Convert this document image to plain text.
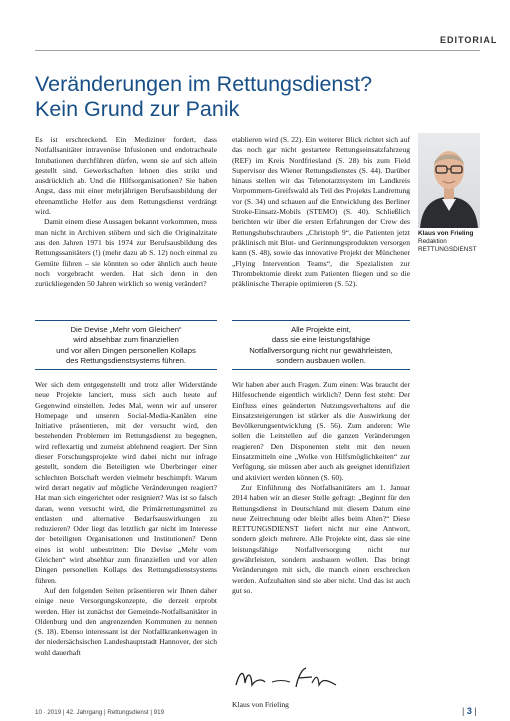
EDITORIAL
Veränderungen im Rettungsdienst?
Kein Grund zur Panik

Es ist erschreckend. Ein Mediziner fordert, dass Notfallsanitäter intravenöse Infusionen und endotracheale Intubationen durchführen dürfen, wenn sie auf sich allein gestellt sind. Gewerkschaften lehnen dies strikt und ausdrücklich ab. Und die Hilfsorganisationen? Sie haben Angst, dass mit einer mehrjährigen Berufsausbildung der ehrenamtliche Helfer aus dem Rettungsdienst verdrängt wird.

Damit einem diese Aussagen bekannt vorkommen, muss man nicht in Archiven stöbern und sich die Originalzitate aus den Jahren 1971 bis 1974 zur Berufsausbildung des Rettungssanitäters (!) (mehr dazu ab S. 12) noch einmal zu Gemüte führen – sie könnten so oder ähnlich auch heute noch vorgebracht werden. Hat sich denn in den zurückliegenden 50 Jahren wirklich so wenig verändert?

etablieren wird (S. 22). Ein weiterer Blick richtet sich auf das noch gar nicht gestartete Rettungseinsatzfahrzeug (REF) im Kreis Nordfriesland (S. 28) bis zum Field Supervisor des Wiener Rettungsdienstes (S. 44). Darüber hinaus stellen wir das Telenotarztsystem im Landkreis Vorpommern-Greifswald als Teil des Projekts Landrettung vor (S. 34) und schauen auf die Entwicklung des Berliner Stroke-Einsatz-Mobils (STEMO) (S. 40). Schließlich berichten wir über die ersten Erfahrungen der Crew des Rettungshubschraubers „Christoph 9“, die Patienten jetzt präklinisch mit Blut- und Gerinnungsprodukten versorgen kann (S. 48), sowie das innovative Projekt der Münchener „Flying Intervention Teams“, die Spezialisten zur Thrombektomie direkt zum Patienten fliegen und so die präklinische Therapie optimieren (S. 52).

Klaus von Frieling
Redaktion
RETTUNGSDIENST
Die Devise „Mehr vom Gleichen“
wird absehbar zum finanziellen
und vor allen Dingen personellen Kollaps
des Rettungsdienstsystems führen.
Alle Projekte eint,
dass sie eine leistungsfähige
Notfallversorgung nicht nur gewährleisten,
sondern ausbauen wollen.

Wer sich dem entgegenstellt und trotz aller Widerstände neue Projekte lanciert, muss sich auch heute auf Gegenwind einstellen. Jedes Mal, wenn wir auf unserer Homepage und unseren Social-Media-Kanälen eine Initiative präsentieren, mit der versucht wird, den bestehenden Problemen im Rettungsdienst zu begegnen, wird reflexartig und zumeist ablehnend reagiert. Der Sinn dieser Forschungsprojekte wird dabei nicht nur infrage gestellt, sondern die Beteiligten wie Überbringer einer schlechten Botschaft werden vielmehr beschimpft. Warum wird derart negativ auf mögliche Veränderungen reagiert? Hat man sich eingerichtet oder resigniert? Was ist so falsch daran, wenn versucht wird, die Primärrettungsmittel zu entlasten und alternative Bedarfsauswirkungen zu reduzieren? Oder liegt das letztlich gar nicht im Interesse der beteiligten Organisationen und Institutionen? Denn eines ist wohl unbestritten: Die Devise „Mehr vom Gleichen“ wird absehbar zum finanziellen und vor allen Dingen personellen Kollaps des Rettungsdienstsystems führen.

Auf den folgenden Seiten präsentieren wir Ihnen daher einige neue Versorgungskonzepte, die derzeit erprobt werden. Hier ist zunächst der Gemeinde-Notfallsanitäter in Oldenburg und den angrenzenden Kommunen zu nennen (S. 18). Ebenso interessant ist der Notfallkrankenwagen in der niedersächsischen Landeshauptstadt Hannover, der sich wohl dauerhaft

Wir haben aber auch Fragen. Zum einen: Was braucht der Hilfesuchende eigentlich wirklich? Denn fest steht: Der Einfluss eines geänderten Nutzungsverhaltens auf die Einsatzsteigerungen ist stärker als die Auswirkung der Bevölkerungsentwicklung (S. 56). Zum anderen: Wie sollen die Leitstellen auf die ganzen Veränderungen reagieren? Den Disponenten steht mit den neuen Einsatzmitteln eine „Wolke von Hilfsmöglichkeiten“ zur Verfügung, sie müssen aber auch als geeignet identifiziert und aktiviert werden können (S. 60).

Zur Einführung des Notfallsanitäters am 1. Januar 2014 haben wir an dieser Stelle gefragt: „Beginnt für den Rettungsdienst in Deutschland mit diesem Datum eine neue Zeitrechnung oder bleibt alles beim Alten?“ Diese RETTUNGSDIENST liefert nicht nur eine Antwort, sondern gleich mehrere. Alle Projekte eint, dass sie eine leistungsfähige Notfallversorgung nicht nur gewährleisten, sondern ausbauen wollen. Das bringt Veränderungen mit sich, die manch einen erschrecken werden. Aufzuhalten sind sie aber nicht. Und das ist auch gut so.

Klaus von Frieling
10 · 2019 | 42. Jahrgang | Rettungsdienst | 919	| 3 |
